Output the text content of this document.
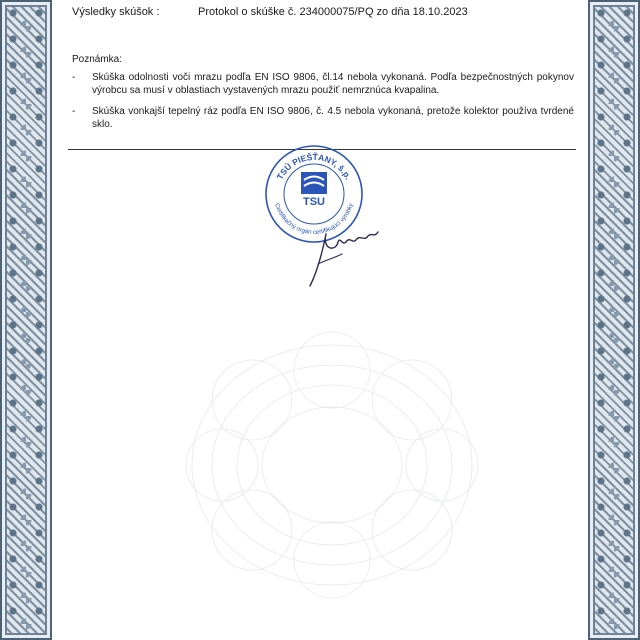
Výsledky skúšok :	Protokol o skúške č. 234000075/PQ zo dňa 18.10.2023
Poznámka:
- Skúška odolnosti voči mrazu podľa EN ISO 9806, čl.14 nebola vykonaná. Podľa bezpečnostných pokynov výrobcu sa musí v oblastiach vystavených mrazu použiť nemrznúca kvapalina.
- Skúška vonkajší tepelný ráz podľa EN ISO 9806, č. 4.5 nebola vykonaná, pretože kolektor používa tvrdené sklo.
TSÚ PIEŠŤANY, š.p.
Certifikačný orgán certifikujúci výrobky
TSU
